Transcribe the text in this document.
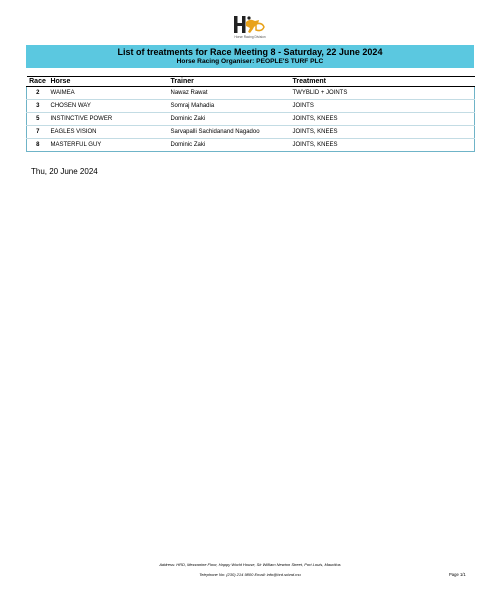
Horse Racing Division
List of treatments for Race Meeting 8 - Saturday, 22 June 2024
Horse Racing Organiser: PEOPLE'S TURF PLC
Race	Horse	Trainer	Treatment
2	WAIMEA	Nawaz Rawat	TWYBLID + JOINTS
3	CHOSEN WAY	Somraj Mahadia	JOINTS
5	INSTINCTIVE POWER	Dominic Zaki	JOINTS, KNEES
7	EAGLES VISION	Sarvapalli Sachidanand Nagadoo	JOINTS, KNEES
8	MASTERFUL GUY	Dominic Zaki	JOINTS, KNEES
Thu, 20 June 2024
Address: HRD, Mezzanine Floor, Happy World House, Sir William Newton Street, Port Louis, Mauritius
Telephone No: (230) 214 9800 Email: info@hrd.srbnd.mu	Page 1/1
